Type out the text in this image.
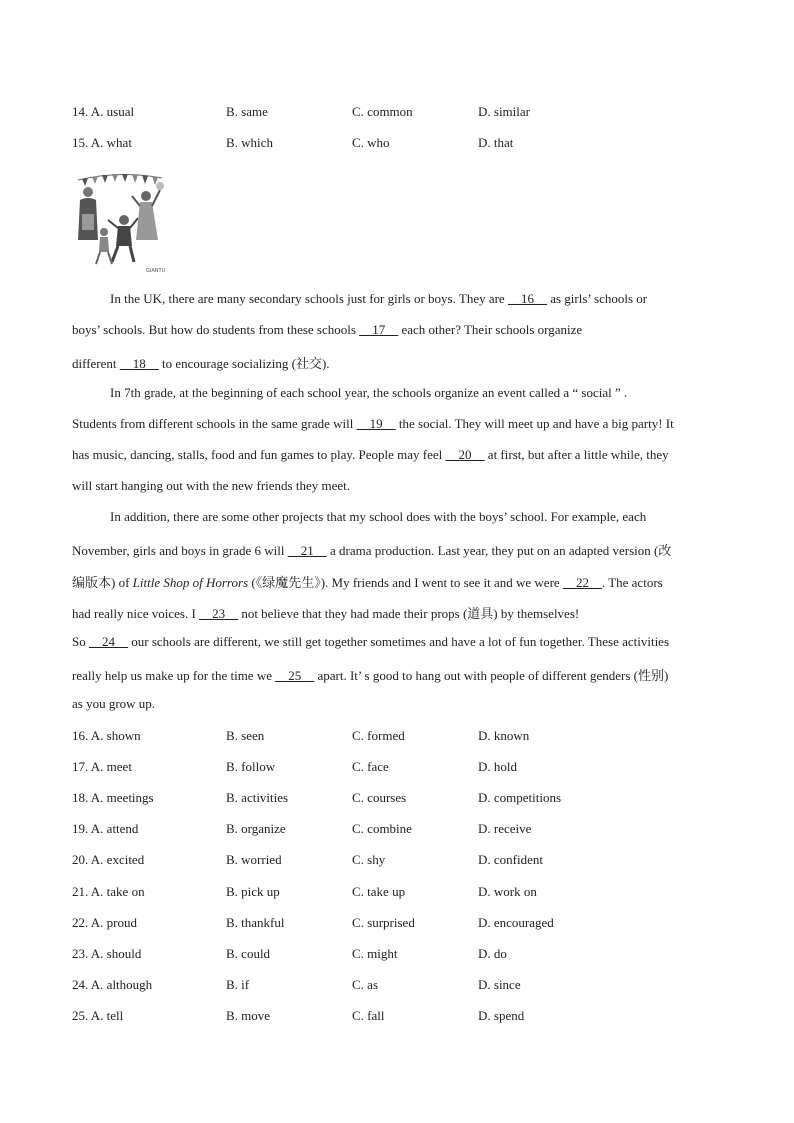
14. A. usual	B. same	C. common	D. similar
15. A. what	B. which	C. who	D. that
GIANTU
In the UK, there are many secondary schools just for girls or boys. They are __16__ as girls’ schools or
boys’ schools. But how do students from these schools __17__ each other? Their schools organize
different __18__ to encourage socializing (社交).
In 7th grade, at the beginning of each school year, the schools organize an event called a “ social ” .
Students from different schools in the same grade will __19__ the social. They will meet up and have a big party! It
has music, dancing, stalls, food and fun games to play. People may feel __20__ at first, but after a little while, they
will start hanging out with the new friends they meet.
In addition, there are some other projects that my school does with the boys’ school. For example, each
November, girls and boys in grade 6 will __21__ a drama production. Last year, they put on an adapted version (改
编版本) of Little Shop of Horrors (《绿魔先生》). My friends and I went to see it and we were __22__. The actors
had really nice voices. I __23__ not believe that they had made their props (道具) by themselves!
So __24__ our schools are different, we still get together sometimes and have a lot of fun together. These activities
really help us make up for the time we __25__ apart. It’ s good to hang out with people of different genders (性别)
as you grow up.
16. A. shown	B. seen	C. formed	D. known
17. A. meet	B. follow	C. face	D. hold
18. A. meetings	B. activities	C. courses	D. competitions
19. A. attend	B. organize	C. combine	D. receive
20. A. excited	B. worried	C. shy	D. confident
21. A. take on	B. pick up	C. take up	D. work on
22. A. proud	B. thankful	C. surprised	D. encouraged
23. A. should	B. could	C. might	D. do
24. A. although	B. if	C. as	D. since
25. A. tell	B. move	C. fall	D. spend
